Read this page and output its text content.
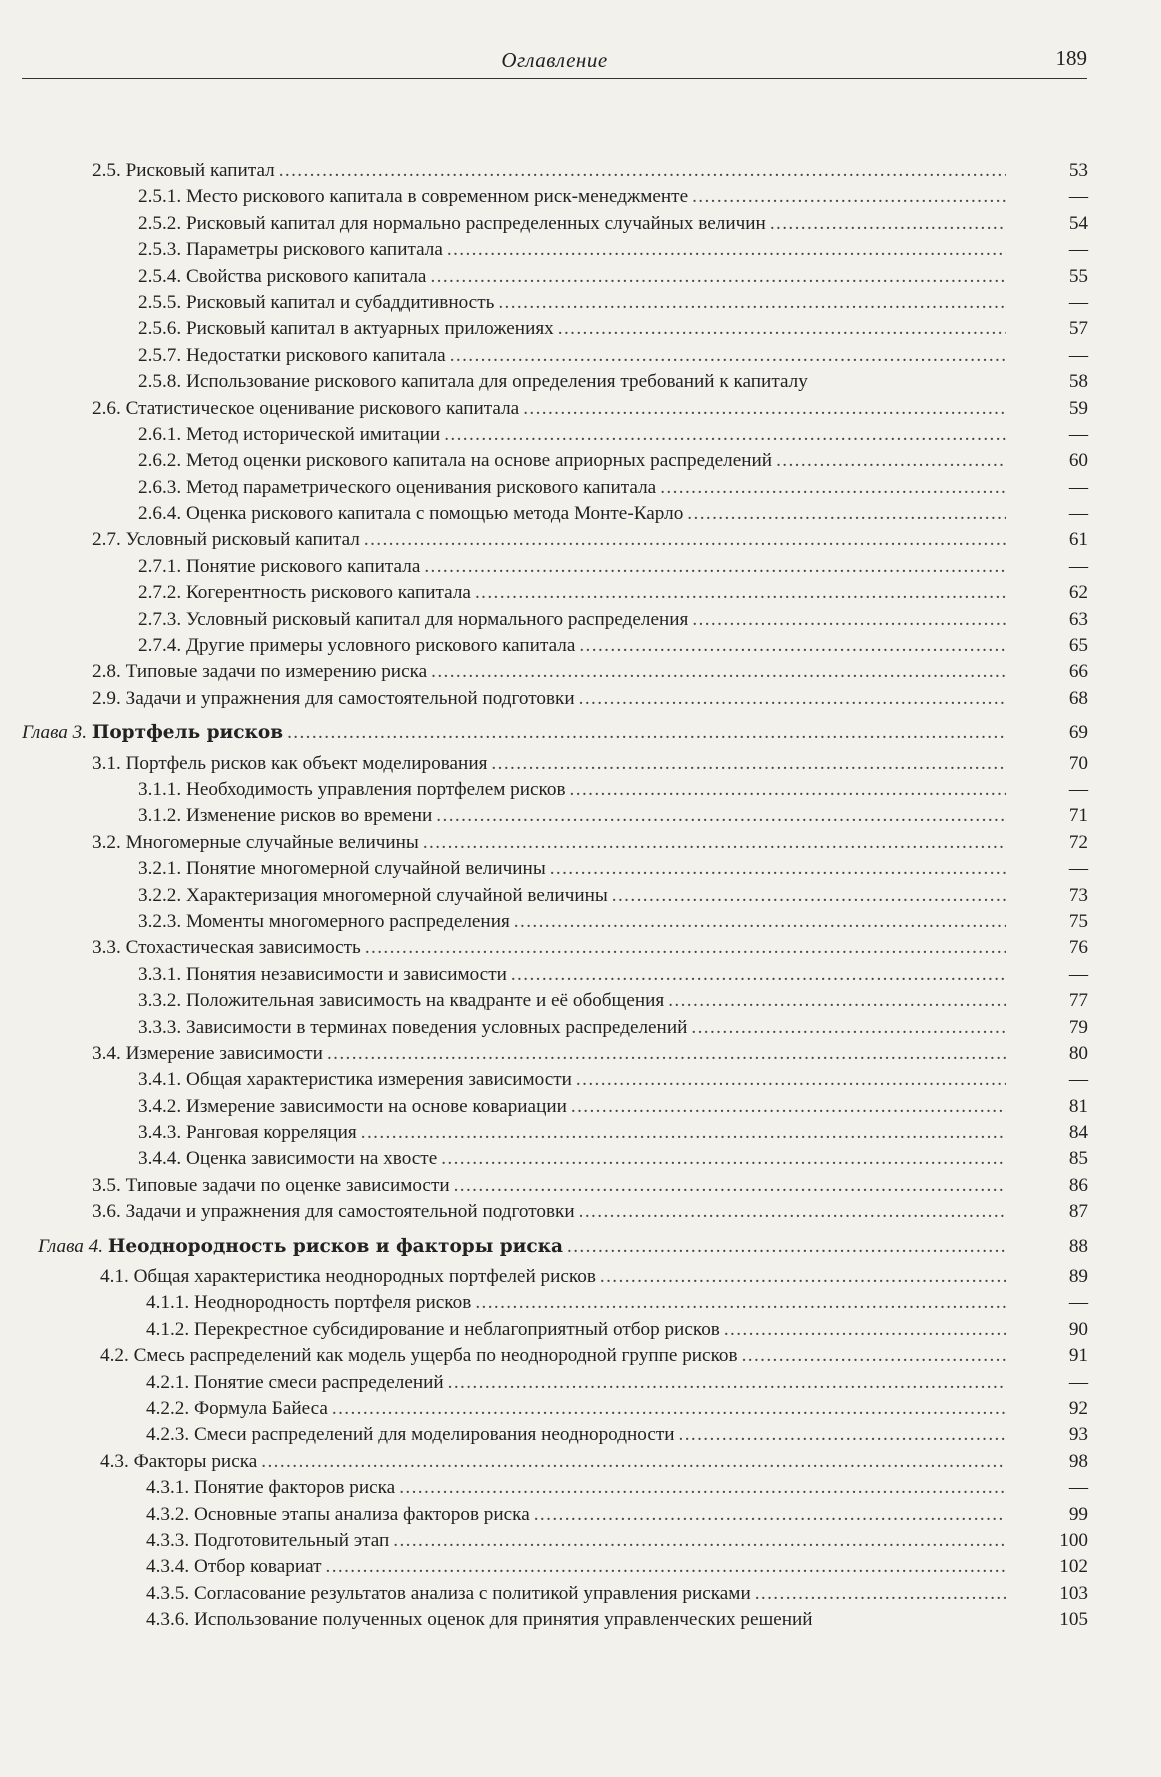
Оглавление	189
2.5. Рисковый капитал .....	53
2.5.1. Место рискового капитала в современном риск-менеджменте .....	—
2.5.2. Рисковый капитал для нормально распределенных случайных величин .....	54
2.5.3. Параметры рискового капитала .....	—
2.5.4. Свойства рискового капитала .....	55
2.5.5. Рисковый капитал и субаддитивность .....	—
2.5.6. Рисковый капитал в актуарных приложениях .....	57
2.5.7. Недостатки рискового капитала .....	—
2.5.8. Использование рискового капитала для определения требований к капиталу	58
2.6. Статистическое оценивание рискового капитала .....	59
2.6.1. Метод исторической имитации .....	—
2.6.2. Метод оценки рискового капитала на основе априорных распределений .....	60
2.6.3. Метод параметрического оценивания рискового капитала .....	—
2.6.4. Оценка рискового капитала с помощью метода Монте-Карло .....	—
2.7. Условный рисковый капитал .....	61
2.7.1. Понятие рискового капитала .....	—
2.7.2. Когерентность рискового капитала .....	62
2.7.3. Условный рисковый капитал для нормального распределения .....	63
2.7.4. Другие примеры условного рискового капитала .....	65
2.8. Типовые задачи по измерению риска .....	66
2.9. Задачи и упражнения для самостоятельной подготовки .....	68
Глава 3. Портфель рисков .....	69
3.1. Портфель рисков как объект моделирования .....	70
3.1.1. Необходимость управления портфелем рисков .....	—
3.1.2. Изменение рисков во времени .....	71
3.2. Многомерные случайные величины .....	72
3.2.1. Понятие многомерной случайной величины .....	—
3.2.2. Характеризация многомерной случайной величины .....	73
3.2.3. Моменты многомерного распределения .....	75
3.3. Стохастическая зависимость .....	76
3.3.1. Понятия независимости и зависимости .....	—
3.3.2. Положительная зависимость на квадранте и её обобщения .....	77
3.3.3. Зависимости в терминах поведения условных распределений .....	79
3.4. Измерение зависимости .....	80
3.4.1. Общая характеристика измерения зависимости .....	—
3.4.2. Измерение зависимости на основе ковариации .....	81
3.4.3. Ранговая корреляция .....	84
3.4.4. Оценка зависимости на хвосте .....	85
3.5. Типовые задачи по оценке зависимости .....	86
3.6. Задачи и упражнения для самостоятельной подготовки .....	87
Глава 4. Неоднородность рисков и факторы риска .....	88
4.1. Общая характеристика неоднородных портфелей рисков .....	89
4.1.1. Неоднородность портфеля рисков .....	—
4.1.2. Перекрестное субсидирование и неблагоприятный отбор рисков .....	90
4.2. Смесь распределений как модель ущерба по неоднородной группе рисков .....	91
4.2.1. Понятие смеси распределений .....	—
4.2.2. Формула Байеса .....	92
4.2.3. Смеси распределений для моделирования неоднородности .....	93
4.3. Факторы риска .....	98
4.3.1. Понятие факторов риска .....	—
4.3.2. Основные этапы анализа факторов риска .....	99
4.3.3. Подготовительный этап .....	100
4.3.4. Отбор ковариат .....	102
4.3.5. Согласование результатов анализа с политикой управления рисками .....	103
4.3.6. Использование полученных оценок для принятия управленческих решений	105
